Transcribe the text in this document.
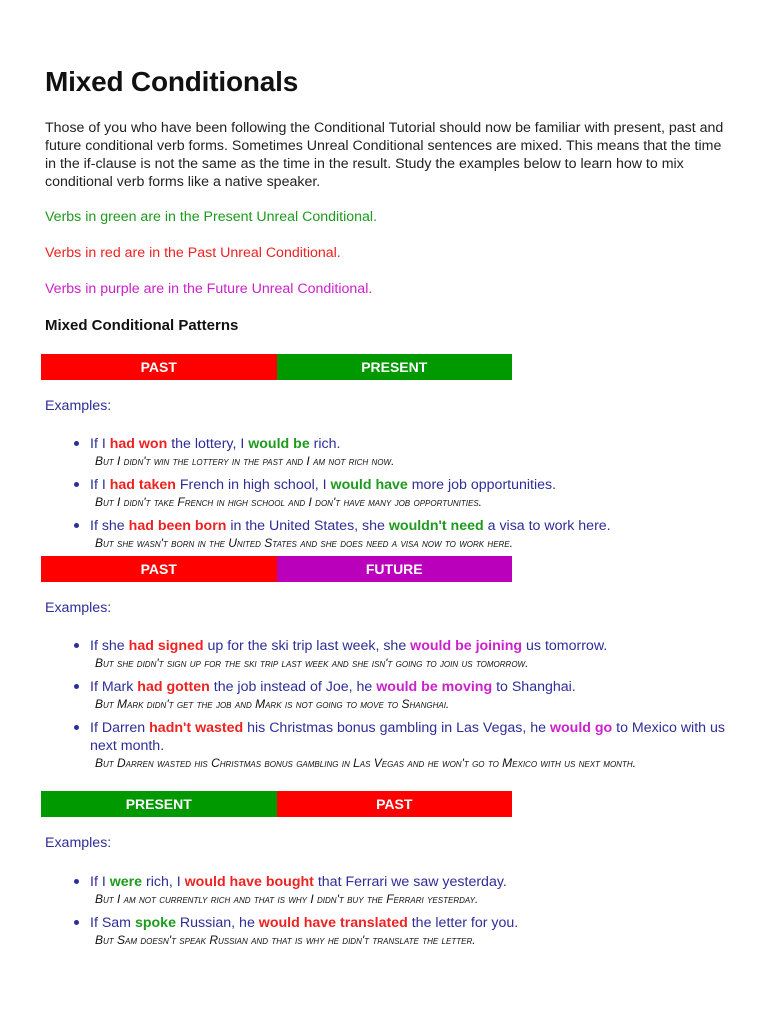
Mixed Conditionals

Those of you who have been following the Conditional Tutorial should now be familiar with present, past and future conditional verb forms. Sometimes Unreal Conditional sentences are mixed. This means that the time in the if-clause is not the same as the time in the result. Study the examples below to learn how to mix conditional verb forms like a native speaker.

Verbs in green are in the Present Unreal Conditional.

Verbs in red are in the Past Unreal Conditional.

Verbs in purple are in the Future Unreal Conditional.

Mixed Conditional Patterns
PAST	PRESENT

Examples:

If I had won the lottery, I would be rich.
But I didn't win the lottery in the past and I am not rich now.
If I had taken French in high school, I would have more job opportunities.
But I didn't take French in high school and I don't have many job opportunities.
If she had been born in the United States, she wouldn't need a visa to work here.
But she wasn't born in the United States and she does need a visa now to work here.
PAST	FUTURE

Examples:

If she had signed up for the ski trip last week, she would be joining us tomorrow.
But she didn't sign up for the ski trip last week and she isn't going to join us tomorrow.
If Mark had gotten the job instead of Joe, he would be moving to Shanghai.
But Mark didn't get the job and Mark is not going to move to Shanghai.
If Darren hadn't wasted his Christmas bonus gambling in Las Vegas, he would go to Mexico with us next month.
But Darren wasted his Christmas bonus gambling in Las Vegas and he won't go to Mexico with us next month.
PRESENT	PAST

Examples:

If I were rich, I would have bought that Ferrari we saw yesterday.
But I am not currently rich and that is why I didn't buy the Ferrari yesterday.
If Sam spoke Russian, he would have translated the letter for you.
But Sam doesn't speak Russian and that is why he didn't translate the letter.
